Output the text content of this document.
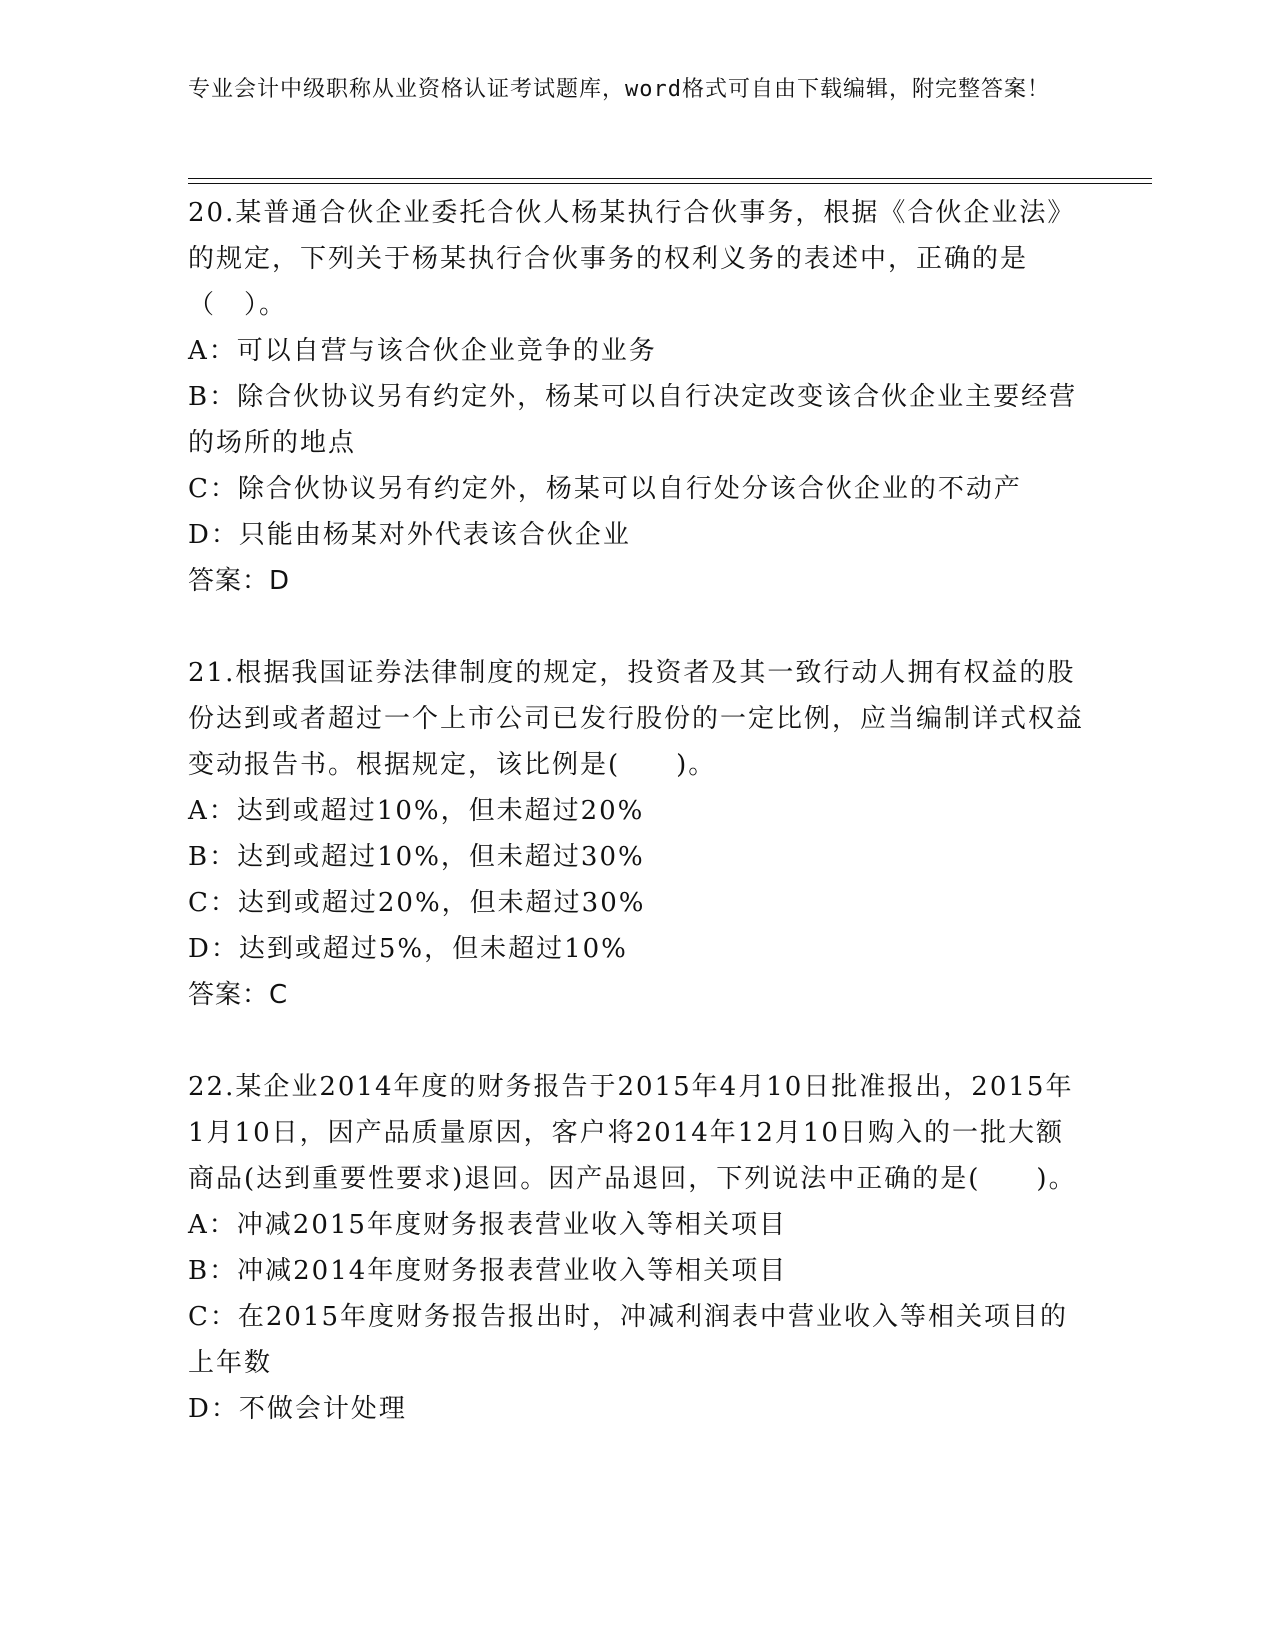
专业会计中级职称从业资格认证考试题库，word格式可自由下载编辑，附完整答案！
20.某普通合伙企业委托合伙人杨某执行合伙事务，根据《合伙企业法》的规定，下列关于杨某执行合伙事务的权利义务的表述中，正确的是（　）。
A：可以自营与该合伙企业竞争的业务
B：除合伙协议另有约定外，杨某可以自行决定改变该合伙企业主要经营的场所的地点
C：除合伙协议另有约定外，杨某可以自行处分该合伙企业的不动产
D：只能由杨某对外代表该合伙企业
答案：D
21.根据我国证券法律制度的规定，投资者及其一致行动人拥有权益的股份达到或者超过一个上市公司已发行股份的一定比例，应当编制详式权益变动报告书。根据规定，该比例是(　　)。
A：达到或超过10%，但未超过20%
B：达到或超过10%，但未超过30%
C：达到或超过20%，但未超过30%
D：达到或超过5%，但未超过10%
答案：C
22.某企业2014年度的财务报告于2015年4月10日批准报出，2015年1月10日，因产品质量原因，客户将2014年12月10日购入的一批大额商品(达到重要性要求)退回。因产品退回，下列说法中正确的是(　　)。
A：冲减2015年度财务报表营业收入等相关项目
B：冲减2014年度财务报表营业收入等相关项目
C：在2015年度财务报告报出时，冲减利润表中营业收入等相关项目的上年数
D：不做会计处理
